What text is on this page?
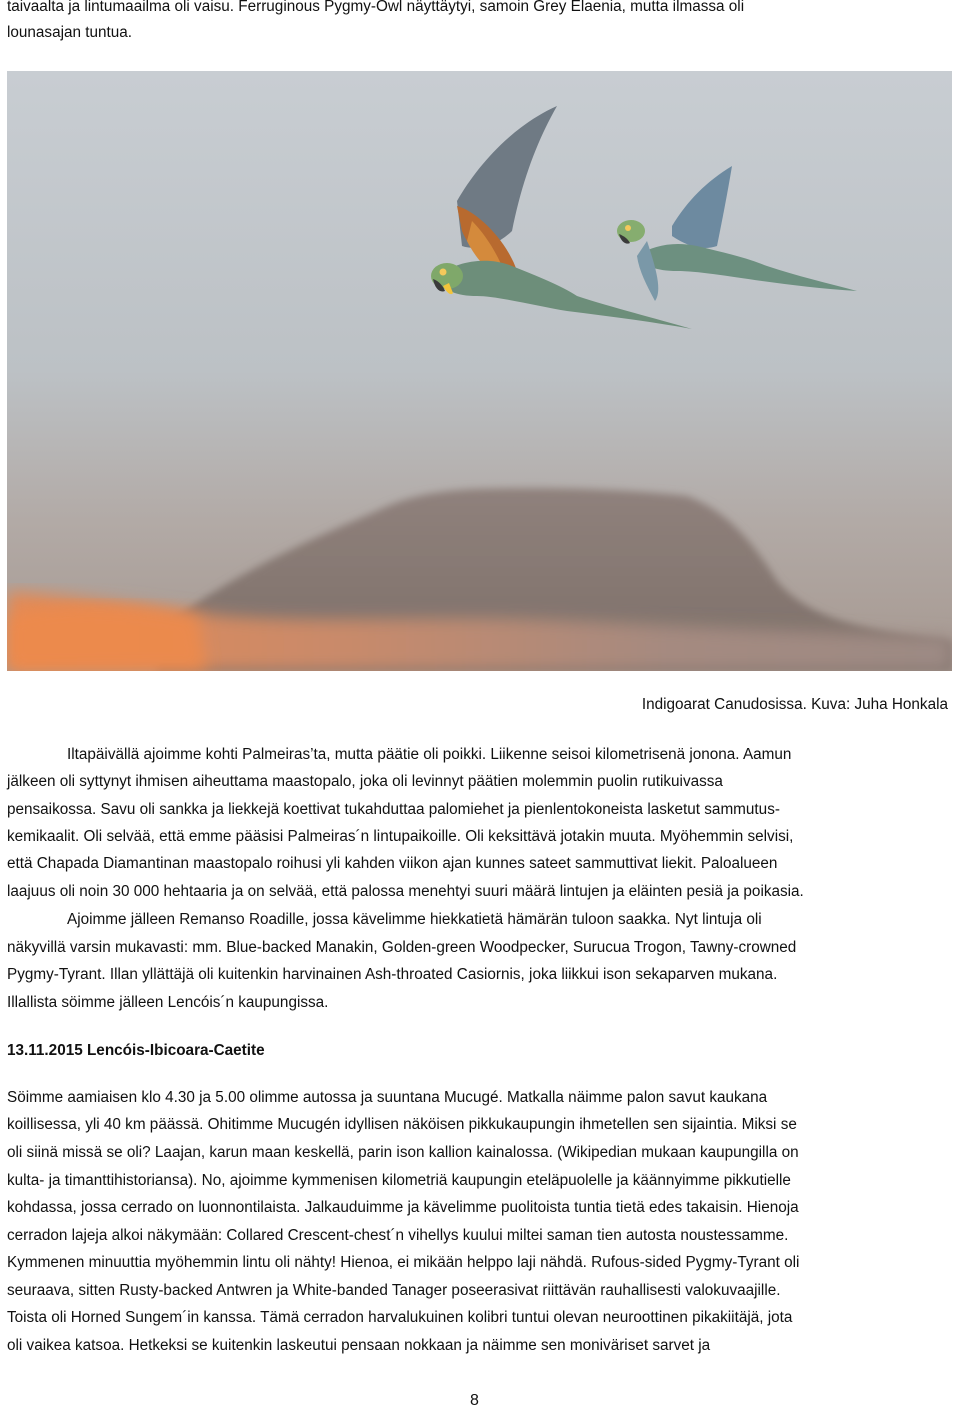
taivaalta ja lintumaailma oli vaisu. Ferruginous Pygmy-Owl näyttäytyi, samoin Grey Elaenia, mutta ilmassa oli
lounasajan tuntua.
Indigoarat Canudosissa. Kuva: Juha Honkala
Iltapäivällä ajoimme kohti Palmeiras’ta, mutta päätie oli poikki. Liikenne seisoi kilometrisenä jonona. Aamun
jälkeen oli syttynyt ihmisen aiheuttama maastopalo, joka oli levinnyt päätien molemmin puolin rutikuivassa
pensaikossa. Savu oli sankka ja liekkejä koettivat tukahduttaa palomiehet ja pienlentokoneista lasketut sammutus-
kemikaalit. Oli selvää, että emme pääsisi Palmeiras´n lintupaikoille. Oli keksittävä jotakin muuta. Myöhemmin selvisi,
että Chapada Diamantinan maastopalo roihusi yli kahden viikon ajan kunnes sateet sammuttivat liekit. Paloalueen
laajuus oli noin 30 000 hehtaaria ja on selvää, että palossa menehtyi suuri määrä lintujen ja eläinten pesiä ja poikasia.
Ajoimme jälleen Remanso Roadille, jossa kävelimme hiekkatietä hämärän tuloon saakka. Nyt lintuja oli
näkyvillä varsin mukavasti: mm. Blue-backed Manakin, Golden-green Woodpecker, Surucua Trogon, Tawny-crowned
Pygmy-Tyrant. Illan yllättäjä oli kuitenkin harvinainen Ash-throated Casiornis, joka liikkui ison sekaparven mukana.
Illallista söimme jälleen Lencóis´n kaupungissa.
13.11.2015 Lencóis-Ibicoara-Caetite
Söimme aamiaisen klo 4.30 ja 5.00 olimme autossa ja suuntana Mucugé. Matkalla näimme palon savut kaukana
koillisessa, yli 40 km päässä. Ohitimme Mucugén idyllisen näköisen pikkukaupungin ihmetellen sen sijaintia. Miksi se
oli siinä missä se oli? Laajan, karun maan keskellä, parin ison kallion kainalossa. (Wikipedian mukaan kaupungilla on
kulta- ja timanttihistoriansa). No, ajoimme kymmenisen kilometriä kaupungin eteläpuolelle ja käännyimme pikkutielle
kohdassa, jossa cerrado on luonnontilaista. Jalkauduimme ja kävelimme puolitoista tuntia tietä edes takaisin. Hienoja
cerradon lajeja alkoi näkymään: Collared Crescent-chest´n vihellys kuului miltei saman tien autosta noustessamme.
Kymmenen minuuttia myöhemmin lintu oli nähty! Hienoa, ei mikään helppo laji nähdä. Rufous-sided Pygmy-Tyrant oli
seuraava, sitten Rusty-backed Antwren ja White-banded Tanager poseerasivat riittävän rauhallisesti valokuvaajille.
Toista oli Horned Sungem´in kanssa. Tämä cerradon harvalukuinen kolibri tuntui olevan neuroottinen pikakiitäjä, jota
oli vaikea katsoa. Hetkeksi se kuitenkin laskeutui pensaan nokkaan ja näimme sen moniväriset sarvet ja
8
